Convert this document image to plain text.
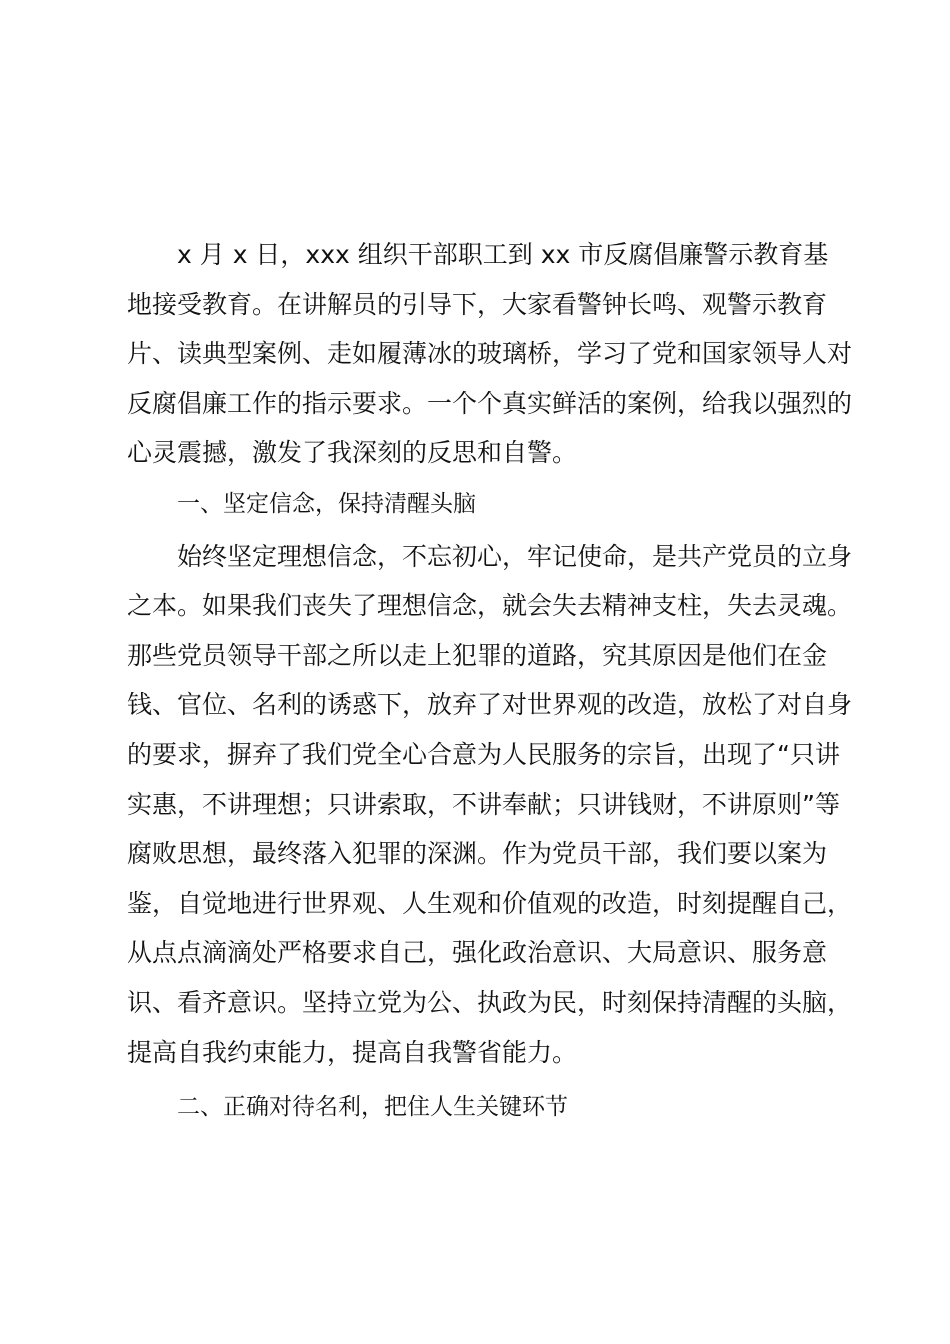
x 月 x 日，xxx 组织干部职工到 xx 市反腐倡廉警示教育基地接受教育。在讲解员的引导下，大家看警钟长鸣、观警示教育片、读典型案例、走如履薄冰的玻璃桥，学习了党和国家领导人对反腐倡廉工作的指示要求。一个个真实鲜活的案例，给我以强烈的心灵震撼，激发了我深刻的反思和自警。

一、坚定信念，保持清醒头脑

始终坚定理想信念，不忘初心，牢记使命，是共产党员的立身之本。如果我们丧失了理想信念，就会失去精神支柱，失去灵魂。那些党员领导干部之所以走上犯罪的道路，究其原因是他们在金钱、官位、名利的诱惑下，放弃了对世界观的改造，放松了对自身的要求，摒弃了我们党全心合意为人民服务的宗旨，出现了“只讲实惠，不讲理想；只讲索取，不讲奉献；只讲钱财，不讲原则”等腐败思想，最终落入犯罪的深渊。作为党员干部，我们要以案为鉴，自觉地进行世界观、人生观和价值观的改造，时刻提醒自己，从点点滴滴处严格要求自己，强化政治意识、大局意识、服务意识、看齐意识。坚持立党为公、执政为民，时刻保持清醒的头脑，提高自我约束能力，提高自我警省能力。

二、正确对待名利，把住人生关键环节
